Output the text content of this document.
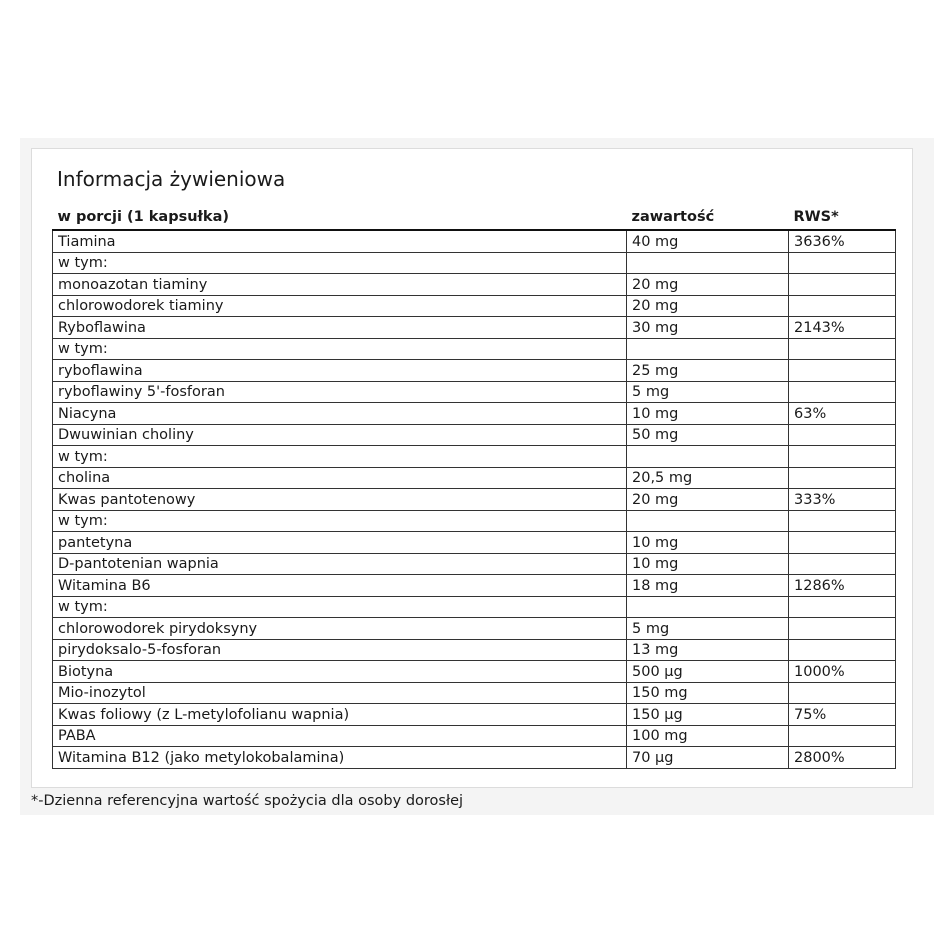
Informacja żywieniowa
w porcji (1 kapsułka)	zawartość	RWS*
Tiamina	40 mg	3636%
w tym:		
monoazotan tiaminy	20 mg	
chlorowodorek tiaminy	20 mg	
Ryboflawina	30 mg	2143%
w tym:		
ryboflawina	25 mg	
ryboflawiny 5'-fosforan	5 mg	
Niacyna	10 mg	63%
Dwuwinian choliny	50 mg	
w tym:		
cholina	20,5 mg	
Kwas pantotenowy	20 mg	333%
w tym:		
pantetyna	10 mg	
D-pantotenian wapnia	10 mg	
Witamina B6	18 mg	1286%
w tym:		
chlorowodorek pirydoksyny	5 mg	
pirydoksalo-5-fosforan	13 mg	
Biotyna	500 µg	1000%
Mio-inozytol	150 mg	
Kwas foliowy (z L-metylofolianu wapnia)	150 µg	75%
PABA	100 mg	
Witamina B12 (jako metylokobalamina)	70 µg	2800%

*-Dzienna referencyjna wartość spożycia dla osoby dorosłej
